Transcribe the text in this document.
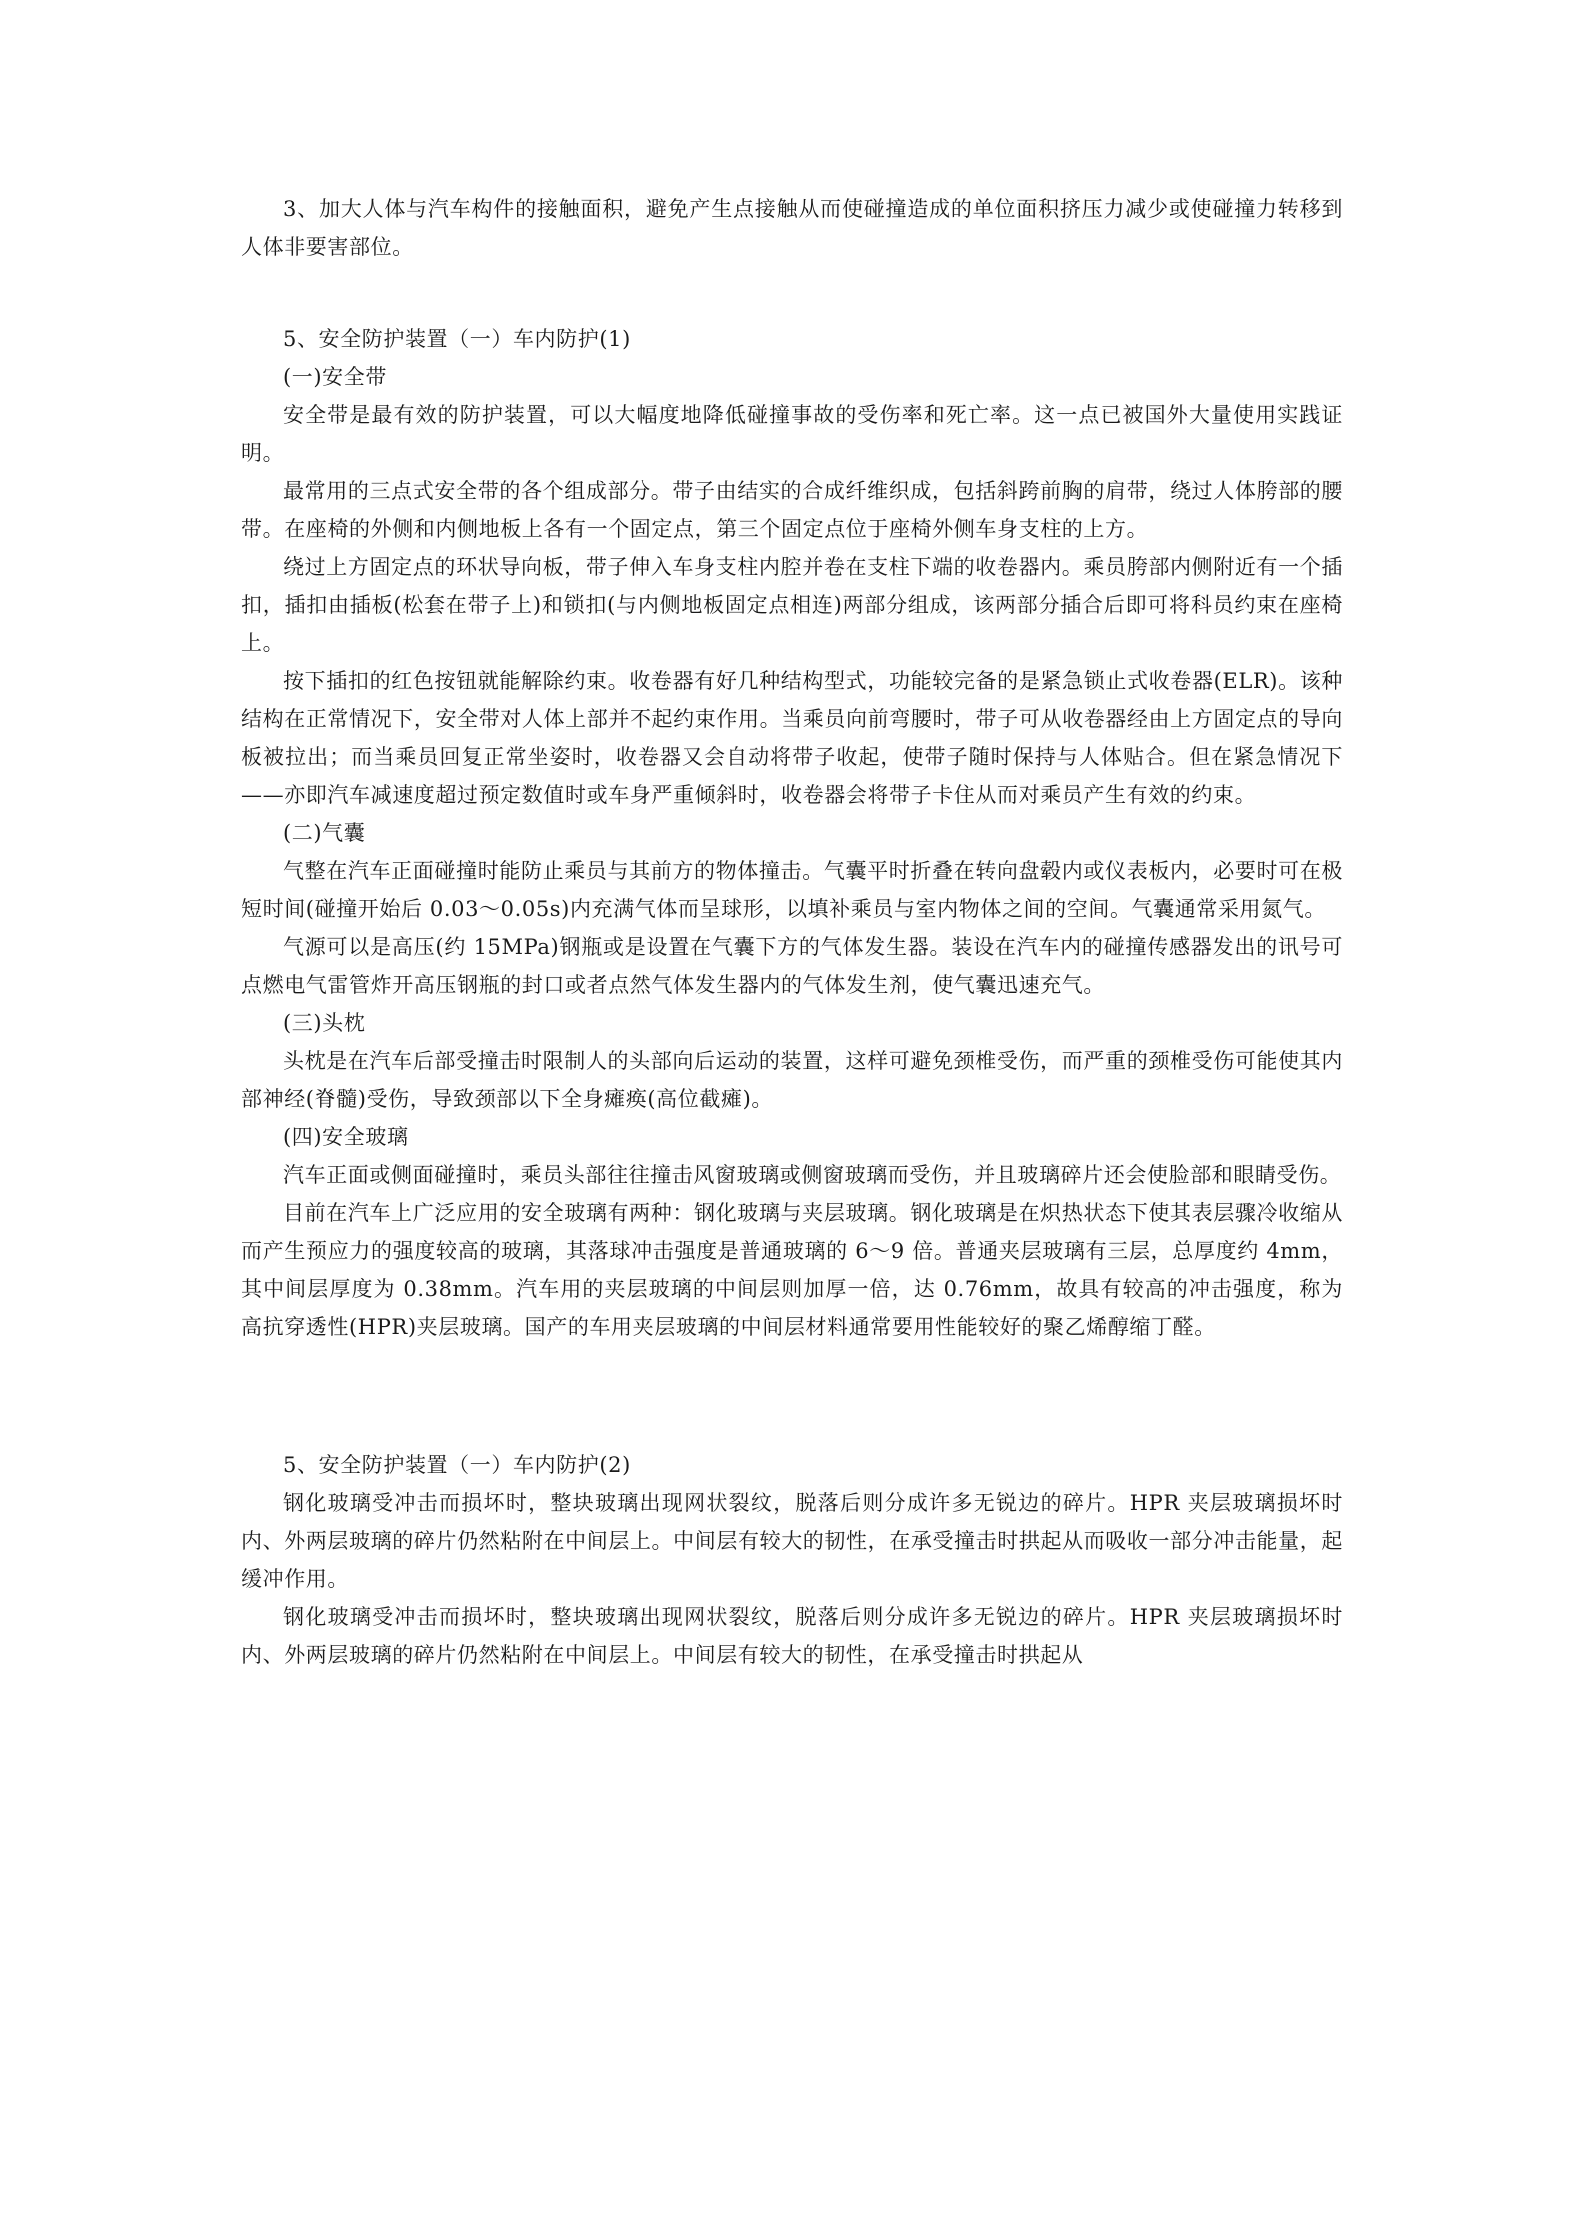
3、加大人体与汽车构件的接触面积，避免产生点接触从而使碰撞造成的单位面积挤压力减少或使碰撞力转移到人体非要害部位。

5、安全防护装置（一）车内防护(1)

(一)安全带

安全带是最有效的防护装置，可以大幅度地降低碰撞事故的受伤率和死亡率。这一点已被国外大量使用实践证明。

最常用的三点式安全带的各个组成部分。带子由结实的合成纤维织成，包括斜跨前胸的肩带，绕过人体胯部的腰带。在座椅的外侧和内侧地板上各有一个固定点，第三个固定点位于座椅外侧车身支柱的上方。

绕过上方固定点的环状导向板，带子伸入车身支柱内腔并卷在支柱下端的收卷器内。乘员胯部内侧附近有一个插扣，插扣由插板(松套在带子上)和锁扣(与内侧地板固定点相连)两部分组成，该两部分插合后即可将科员约束在座椅上。

按下插扣的红色按钮就能解除约束。收卷器有好几种结构型式，功能较完备的是紧急锁止式收卷器(ELR)。该种结构在正常情况下，安全带对人体上部并不起约束作用。当乘员向前弯腰时，带子可从收卷器经由上方固定点的导向板被拉出；而当乘员回复正常坐姿时，收卷器又会自动将带子收起，使带子随时保持与人体贴合。但在紧急情况下——亦即汽车减速度超过预定数值时或车身严重倾斜时，收卷器会将带子卡住从而对乘员产生有效的约束。

(二)气囊

气整在汽车正面碰撞时能防止乘员与其前方的物体撞击。气囊平时折叠在转向盘毂内或仪表板内，必要时可在极短时间(碰撞开始后 0.03～0.05s)内充满气体而呈球形，以填补乘员与室内物体之间的空间。气囊通常采用氮气。

气源可以是高压(约 15MPa)钢瓶或是设置在气囊下方的气体发生器。装设在汽车内的碰撞传感器发出的讯号可点燃电气雷管炸开高压钢瓶的封口或者点然气体发生器内的气体发生剂，使气囊迅速充气。

(三)头枕

头枕是在汽车后部受撞击时限制人的头部向后运动的装置，这样可避免颈椎受伤，而严重的颈椎受伤可能使其内部神经(脊髓)受伤，导致颈部以下全身瘫痪(高位截瘫)。

(四)安全玻璃

汽车正面或侧面碰撞时，乘员头部往往撞击风窗玻璃或侧窗玻璃而受伤，并且玻璃碎片还会使脸部和眼睛受伤。

目前在汽车上广泛应用的安全玻璃有两种：钢化玻璃与夹层玻璃。钢化玻璃是在炽热状态下使其表层骤冷收缩从而产生预应力的强度较高的玻璃，其落球冲击强度是普通玻璃的 6～9 倍。普通夹层玻璃有三层，总厚度约 4mm，其中间层厚度为 0.38mm。汽车用的夹层玻璃的中间层则加厚一倍，达 0.76mm，故具有较高的冲击强度，称为高抗穿透性(HPR)夹层玻璃。国产的车用夹层玻璃的中间层材料通常要用性能较好的聚乙烯醇缩丁醛。

5、安全防护装置（一）车内防护(2)

钢化玻璃受冲击而损坏时，整块玻璃出现网状裂纹，脱落后则分成许多无锐边的碎片。HPR 夹层玻璃损坏时内、外两层玻璃的碎片仍然粘附在中间层上。中间层有较大的韧性，在承受撞击时拱起从而吸收一部分冲击能量，起缓冲作用。

钢化玻璃受冲击而损坏时，整块玻璃出现网状裂纹，脱落后则分成许多无锐边的碎片。HPR 夹层玻璃损坏时内、外两层玻璃的碎片仍然粘附在中间层上。中间层有较大的韧性，在承受撞击时拱起从
